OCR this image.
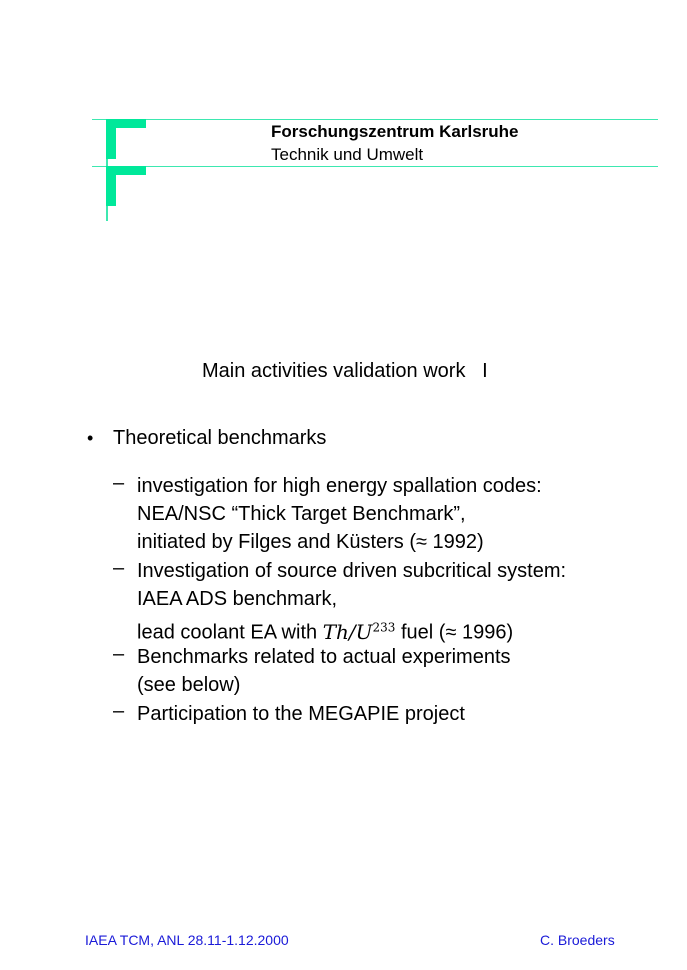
Forschungszentrum Karlsruhe
Technik und Umwelt
Main activities validation work   I
• Theoretical benchmarks
– investigation for high energy spallation codes:
NEA/NSC “Thick Target Benchmark”,
initiated by Filges and Küsters (≈ 1992)
– Investigation of source driven subcritical system:
IAEA ADS benchmark,
lead coolant EA with $Th/U^{233}$ fuel (≈ 1996)
– Benchmarks related to actual experiments
(see below)
– Participation to the MEGAPIE project
IAEA TCM, ANL 28.11-1.12.2000	C. Broeders
